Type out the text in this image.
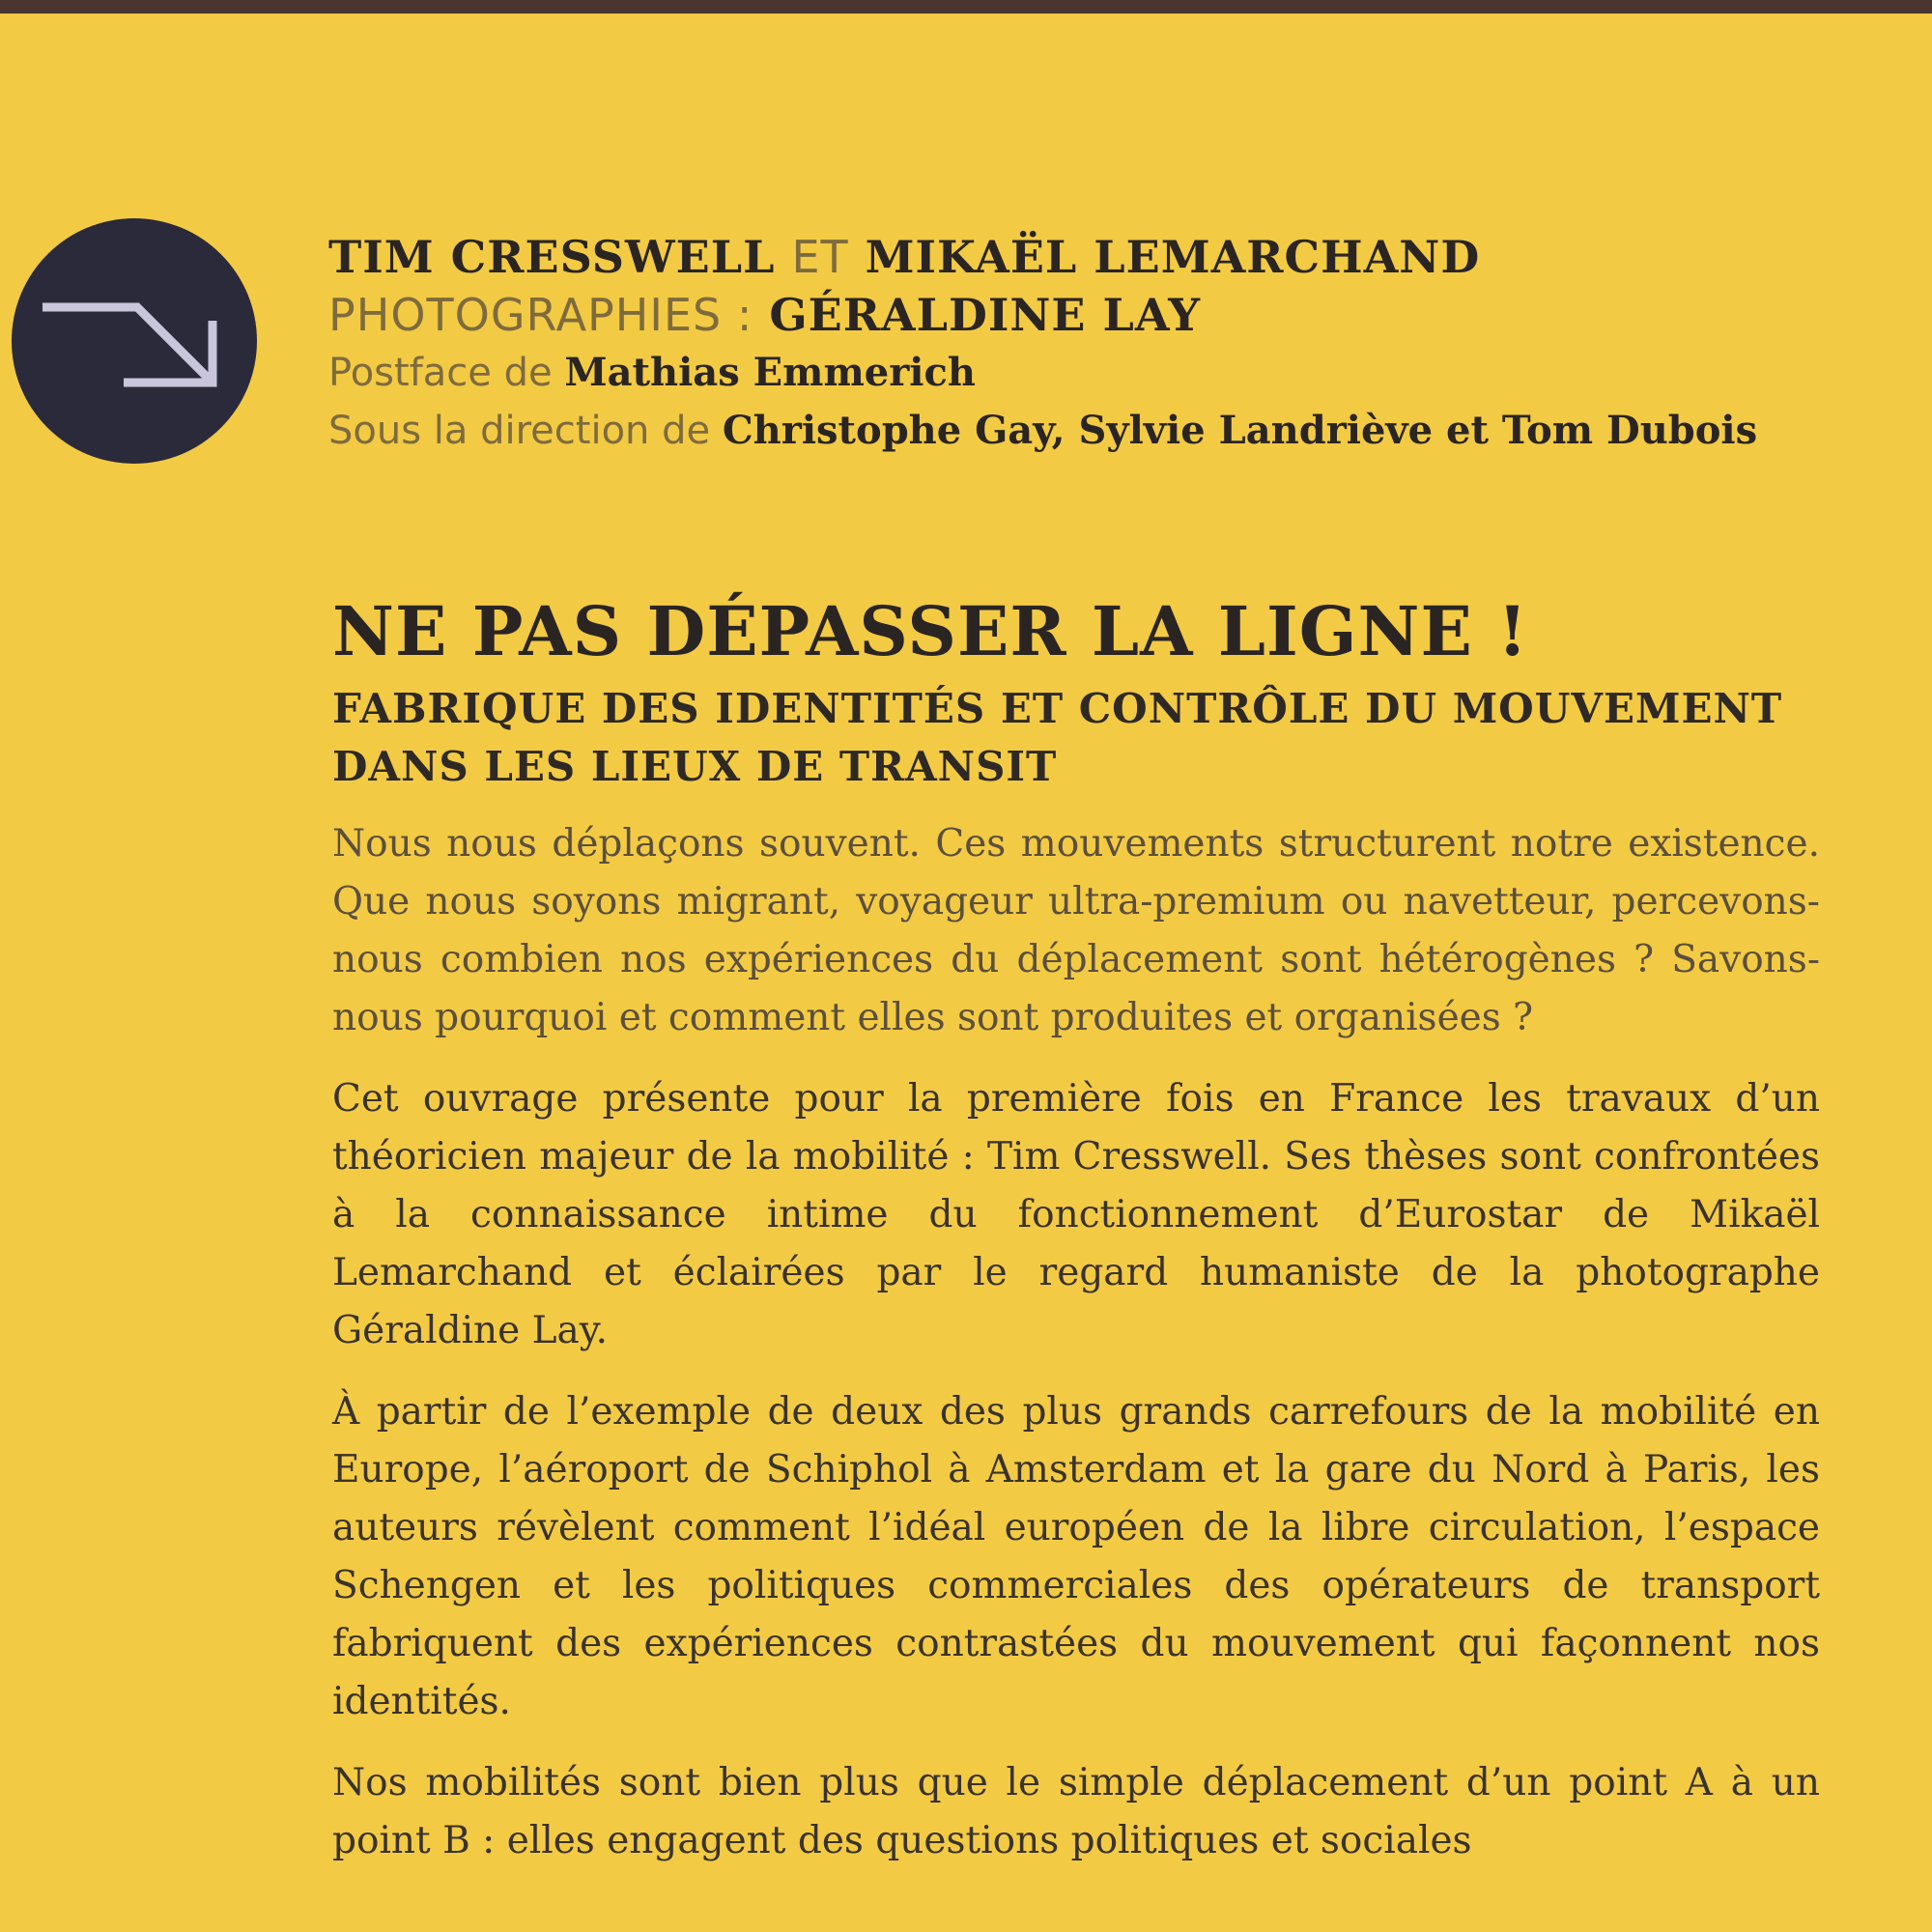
TIM CRESSWELL ET MIKAËL LEMARCHAND

PHOTOGRAPHIES : GÉRALDINE LAY

Postface de Mathias Emmerich

Sous la direction de Christophe Gay, Sylvie Landriève et Tom Dubois

NE PAS DÉPASSER LA LIGNE !
FABRIQUE DES IDENTITÉS ET CONTRÔLE DU MOUVEMENT DANS LES LIEUX DE TRANSIT

Nous nous déplaçons souvent. Ces mouvements structurent notre existence. Que nous soyons migrant, voyageur ultra-premium ou navetteur, percevons-nous combien nos expériences du déplacement sont hétérogènes ? Savons-nous pourquoi et comment elles sont produites et organisées ?

Cet ouvrage présente pour la première fois en France les travaux d’un théoricien majeur de la mobilité : Tim Cresswell. Ses thèses sont confrontées à la connaissance intime du fonctionnement d’Eurostar de Mikaël Lemarchand et éclairées par le regard humaniste de la photographe Géraldine Lay.

À partir de l’exemple de deux des plus grands carrefours de la mobilité en Europe, l’aéroport de Schiphol à Amsterdam et la gare du Nord à Paris, les auteurs révèlent comment l’idéal européen de la libre circulation, l’espace Schengen et les politiques commerciales des opérateurs de transport fabriquent des expériences contrastées du mouvement qui façonnent nos identités.

Nos mobilités sont bien plus que le simple déplacement d’un point A à un point B : elles engagent des questions politiques et sociales
